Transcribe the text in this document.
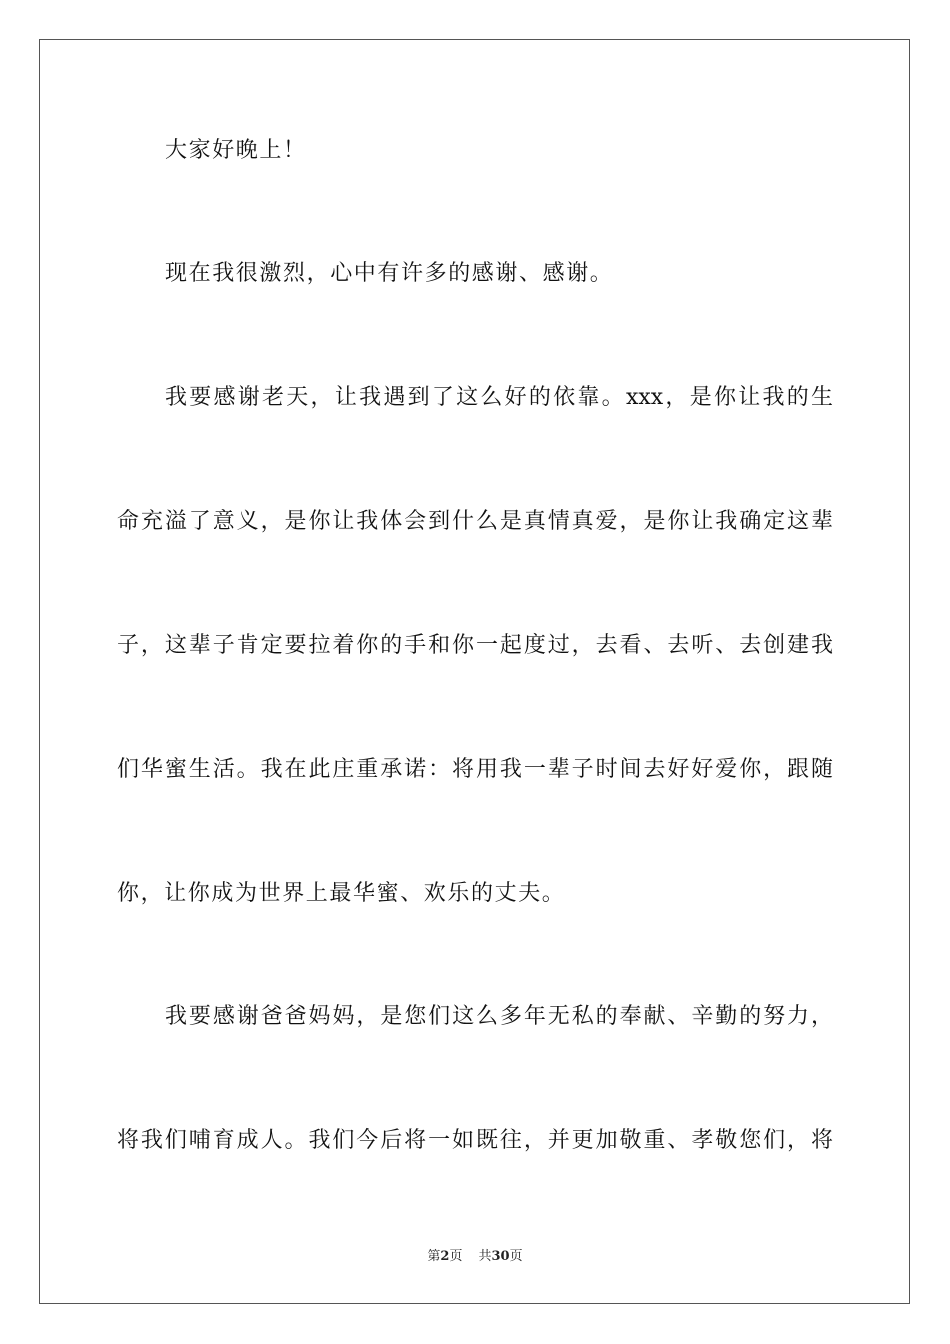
大家好晚上！
现在我很激烈，心中有许多的感谢、感谢。
我要感谢老天，让我遇到了这么好的依靠。xxx，是你让我的生
命充溢了意义，是你让我体会到什么是真情真爱，是你让我确定这辈
子，这辈子肯定要拉着你的手和你一起度过，去看、去听、去创建我
们华蜜生活。我在此庄重承诺：将用我一辈子时间去好好爱你，跟随
你，让你成为世界上最华蜜、欢乐的丈夫。
我要感谢爸爸妈妈，是您们这么多年无私的奉献、辛勤的努力，
将我们哺育成人。我们今后将一如既往，并更加敬重、孝敬您们，将
第2页 共30页
